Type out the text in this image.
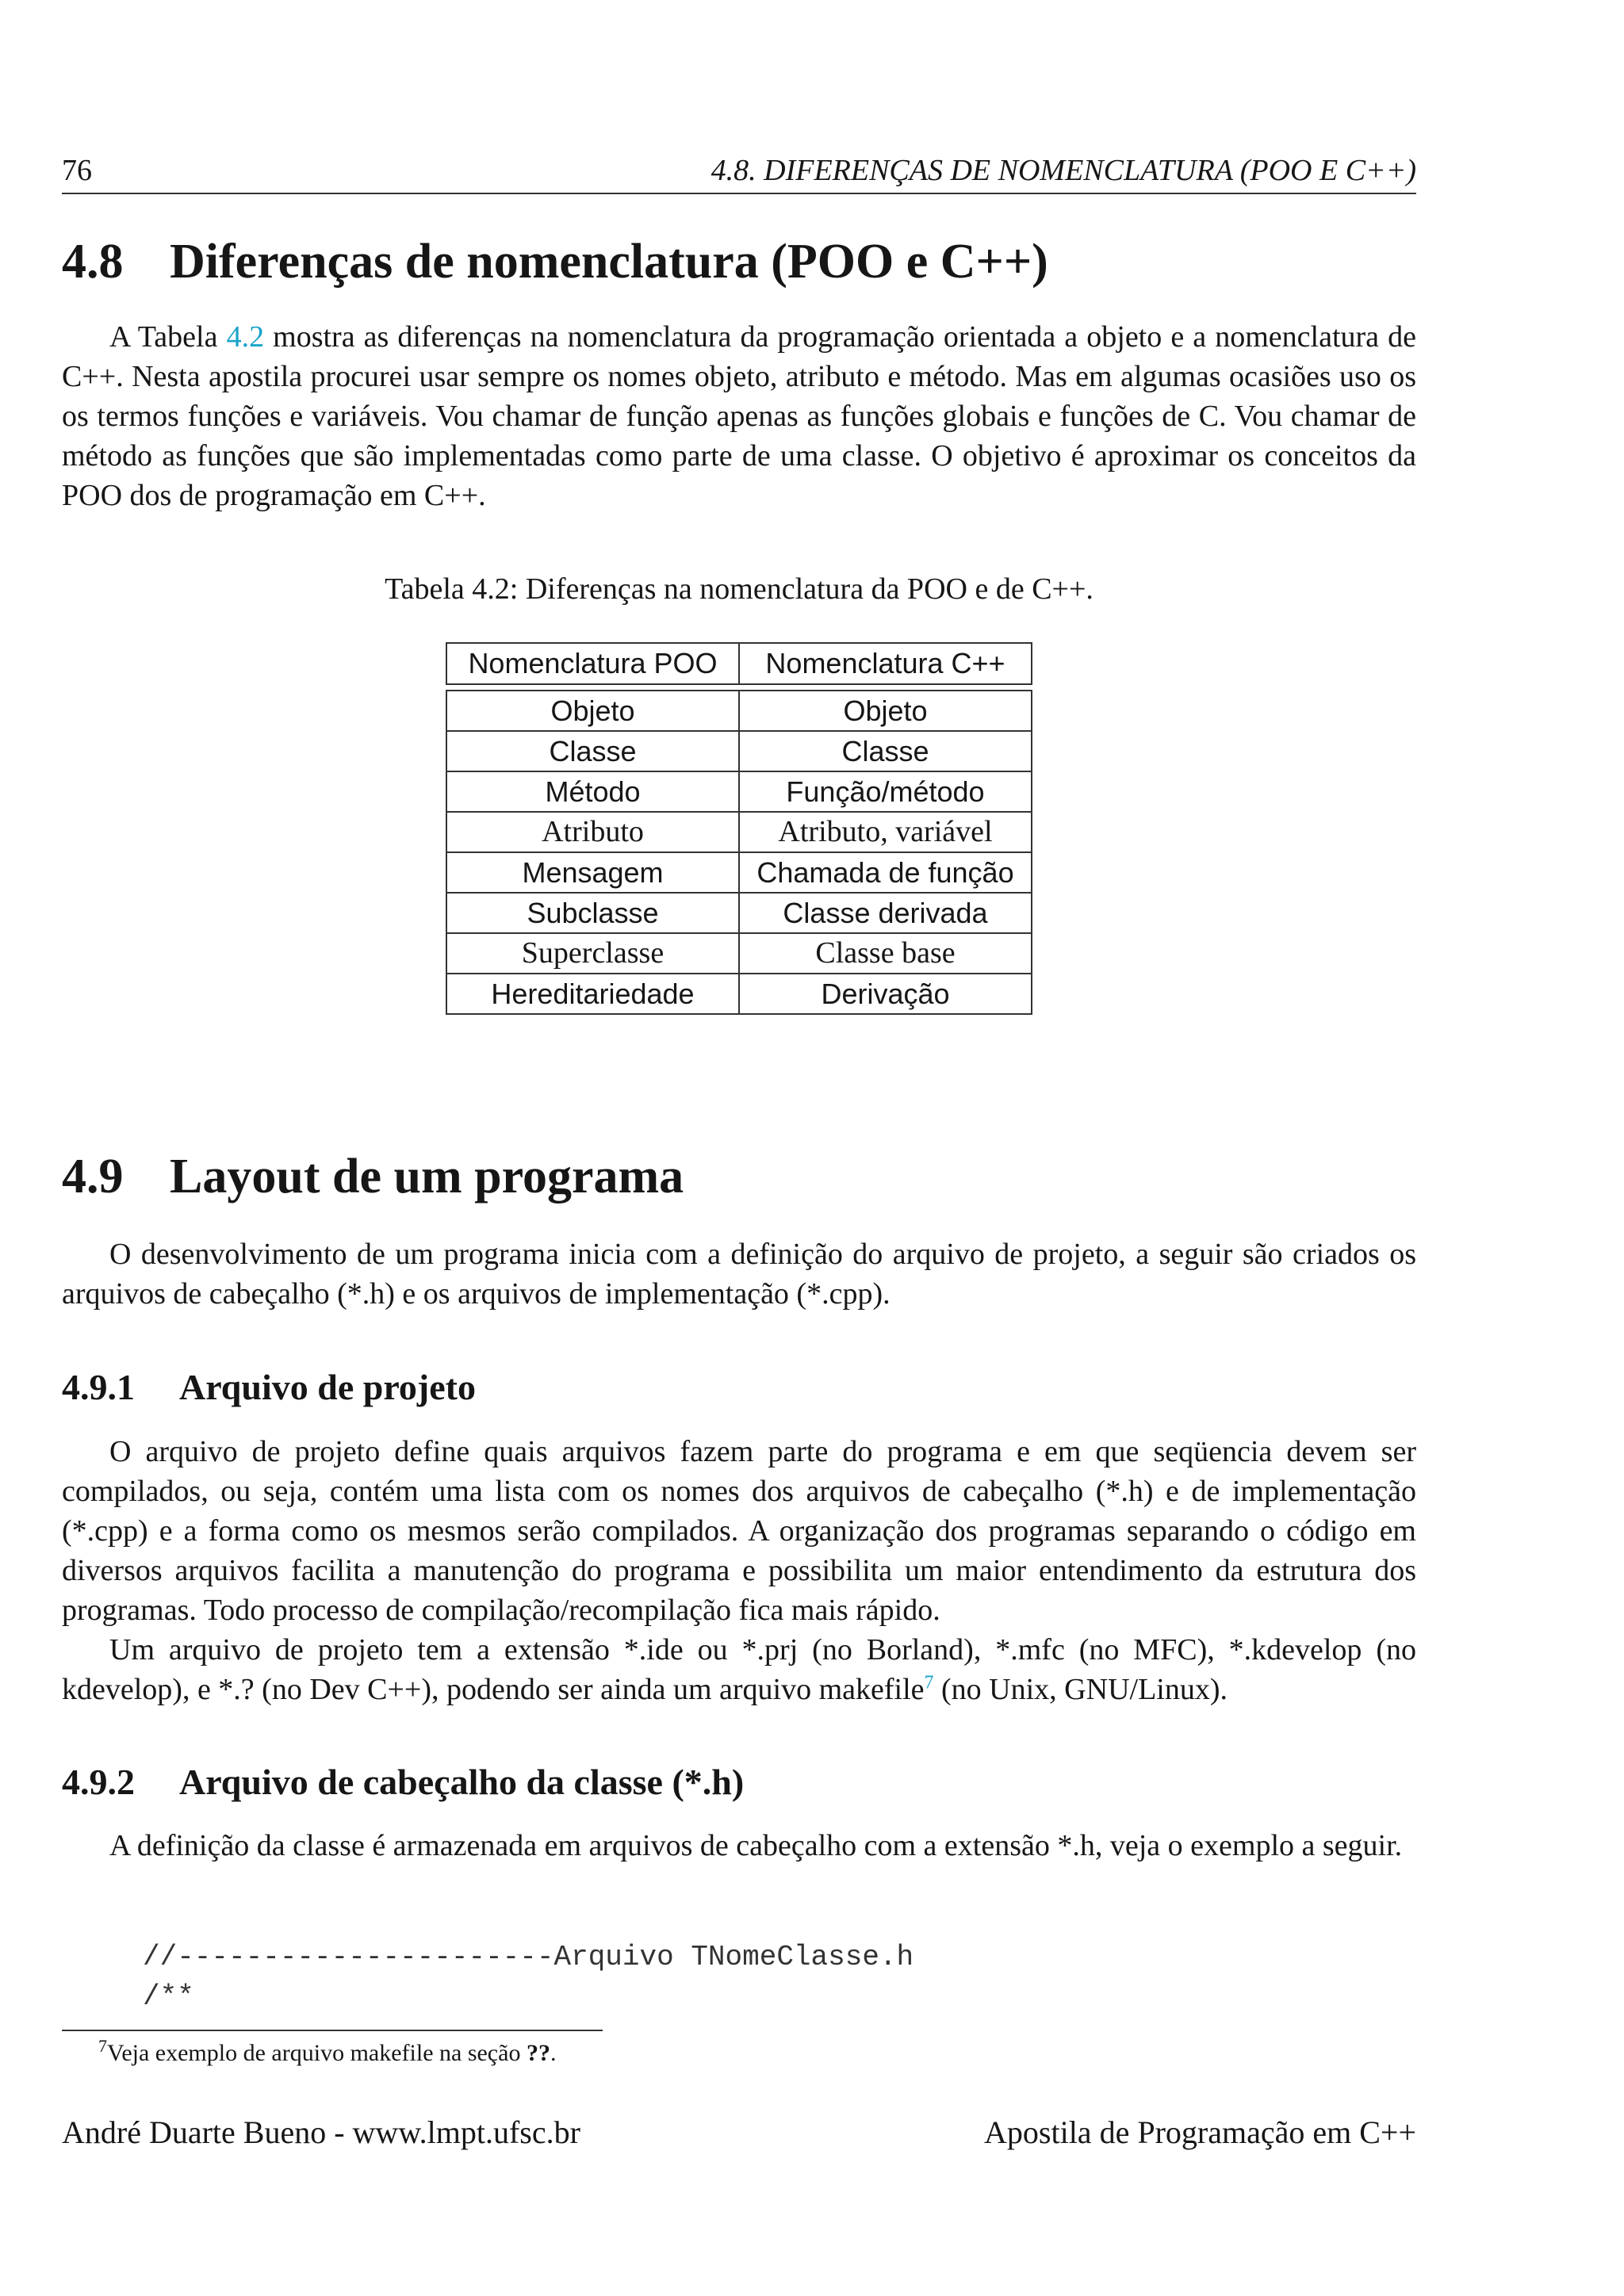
76	4.8. DIFERENÇAS DE NOMENCLATURA (POO E C++)
4.8 Diferenças de nomenclatura (POO e C++)

A Tabela 4.2 mostra as diferenças na nomenclatura da programação orientada a objeto e a nomenclatura de C++. Nesta apostila procurei usar sempre os nomes objeto, atributo e método. Mas em algumas ocasiões uso os os termos funções e variáveis. Vou chamar de função apenas as funções globais e funções de C. Vou chamar de método as funções que são implementadas como parte de uma classe. O objetivo é aproximar os conceitos da POO dos de programação em C++.

Tabela 4.2: Diferenças na nomenclatura da POO e de C++.
Nomenclatura POO	Nomenclatura C++

Objeto	Objeto
Classe	Classe
Método	Função/método
Atributo	Atributo, variável
Mensagem	Chamada de função
Subclasse	Classe derivada
Superclasse	Classe base
Hereditariedade	Derivação
4.9 Layout de um programa

O desenvolvimento de um programa inicia com a definição do arquivo de projeto, a seguir são criados os arquivos de cabeçalho (*.h) e os arquivos de implementação (*.cpp).

4.9.1 Arquivo de projeto

O arquivo de projeto define quais arquivos fazem parte do programa e em que seqüencia devem ser compilados, ou seja, contém uma lista com os nomes dos arquivos de cabeçalho (*.h) e de implementação (*.cpp) e a forma como os mesmos serão compilados. A organização dos programas separando o código em diversos arquivos facilita a manutenção do programa e possibilita um maior entendimento da estrutura dos programas. Todo processo de compilação/recompilação fica mais rápido.

Um arquivo de projeto tem a extensão *.ide ou *.prj (no Borland), *.mfc (no MFC), *.kdevelop (no kdevelop), e *.? (no Dev C++), podendo ser ainda um arquivo makefile$^7$ (no Unix, GNU/Linux).

4.9.2 Arquivo de cabeçalho da classe (*.h)

A definição da classe é armazenada em arquivos de cabeçalho com a extensão *.h, veja o exemplo a seguir.

//----------------------Arquivo TNomeClasse.h
/**
$^7$Veja exemplo de arquivo makefile na seção ??.
André Duarte Bueno - www.lmpt.ufsc.br	Apostila de Programação em C++
